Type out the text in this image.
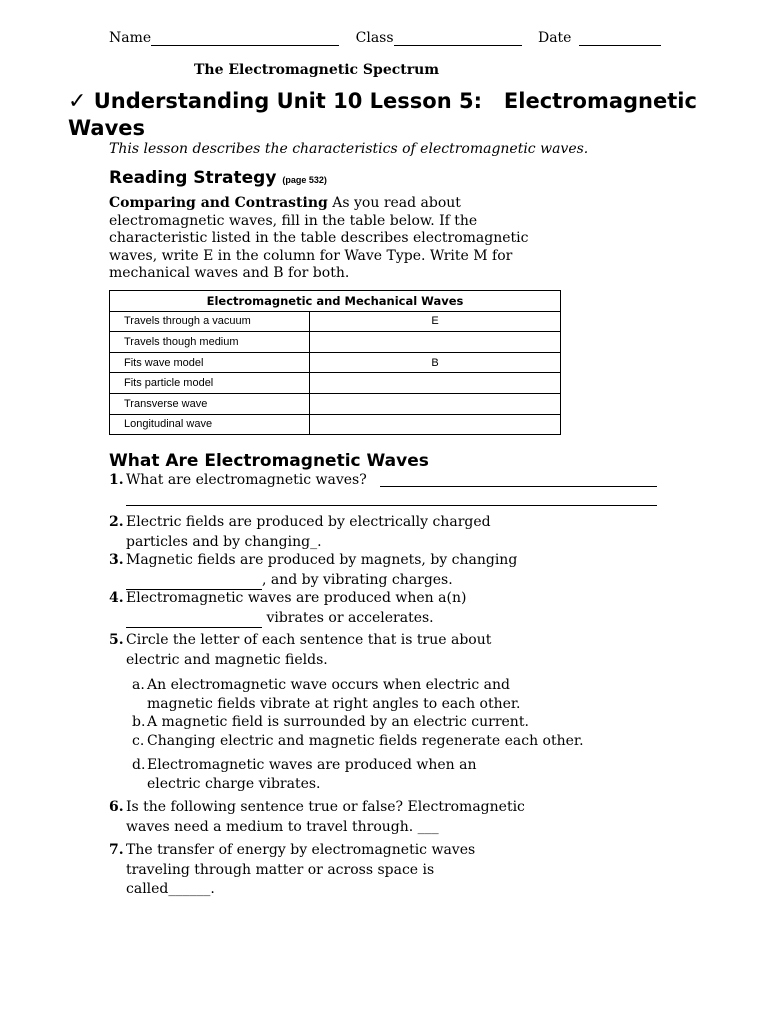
Name	Class	Date
The Electromagnetic Spectrum
✓ Understanding Unit 10 Lesson 5:   Electromagnetic Waves
This lesson describes the characteristics of electromagnetic waves.
Reading Strategy (page 532)
Comparing and Contrasting As you read about electromagnetic waves, fill in the table below. If the characteristic listed in the table describes electromagnetic waves, write E in the column for Wave Type. Write M for mechanical waves and B for both.
Electromagnetic and Mechanical Waves	
Travels through a vacuum	E
Travels though medium	
Fits wave model	B
Fits particle model	
Transverse wave	
Longitudinal wave	
What Are Electromagnetic Waves
1. What are electromagnetic waves?
2. Electric fields are produced by electrically charged particles and by changing_.
3. Magnetic fields are produced by magnets, by changing
, and by vibrating charges.
4. Electromagnetic waves are produced when a(n)
vibrates or accelerates.
5. Circle the letter of each sentence that is true about electric and magnetic fields.
a. An electromagnetic wave occurs when electric and magnetic fields vibrate at right angles to each other.
b. A magnetic field is surrounded by an electric current.
c. Changing electric and magnetic fields regenerate each other.
d. Electromagnetic waves are produced when an electric charge vibrates.
6. Is the following sentence true or false? Electromagnetic waves need a medium to travel through. ___
7. The transfer of energy by electromagnetic waves traveling through matter or across space is called______.
